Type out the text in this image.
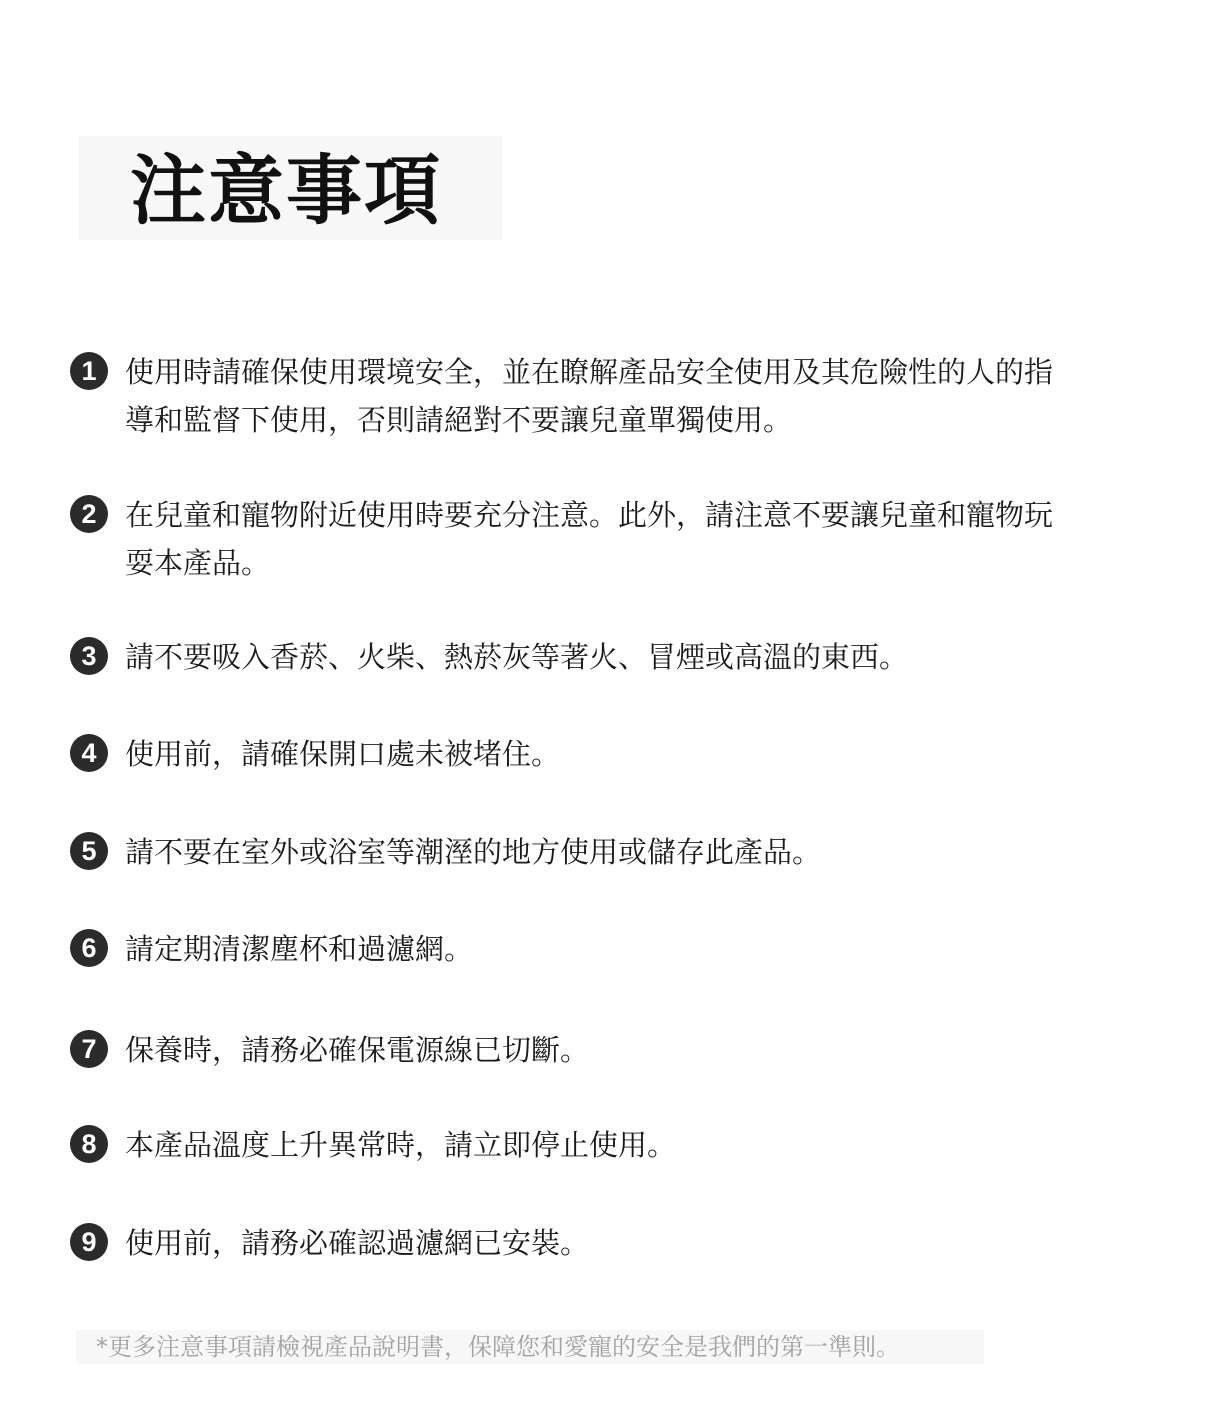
注意事項
1 使用時請確保使用環境安全，並在瞭解產品安全使用及其危險性的人的指導和監督下使用，否則請絕對不要讓兒童單獨使用。
2 在兒童和寵物附近使用時要充分注意。此外，請注意不要讓兒童和寵物玩耍本產品。
3 請不要吸入香菸、火柴、熱菸灰等著火、冒煙或高溫的東西。
4 使用前，請確保開口處未被堵住。
5 請不要在室外或浴室等潮溼的地方使用或儲存此產品。
6 請定期清潔塵杯和過濾網。
7 保養時，請務必確保電源線已切斷。
8 本產品溫度上升異常時，請立即停止使用。
9 使用前，請務必確認過濾網已安裝。
*更多注意事項請檢視產品說明書，保障您和愛寵的安全是我們的第一準則。
